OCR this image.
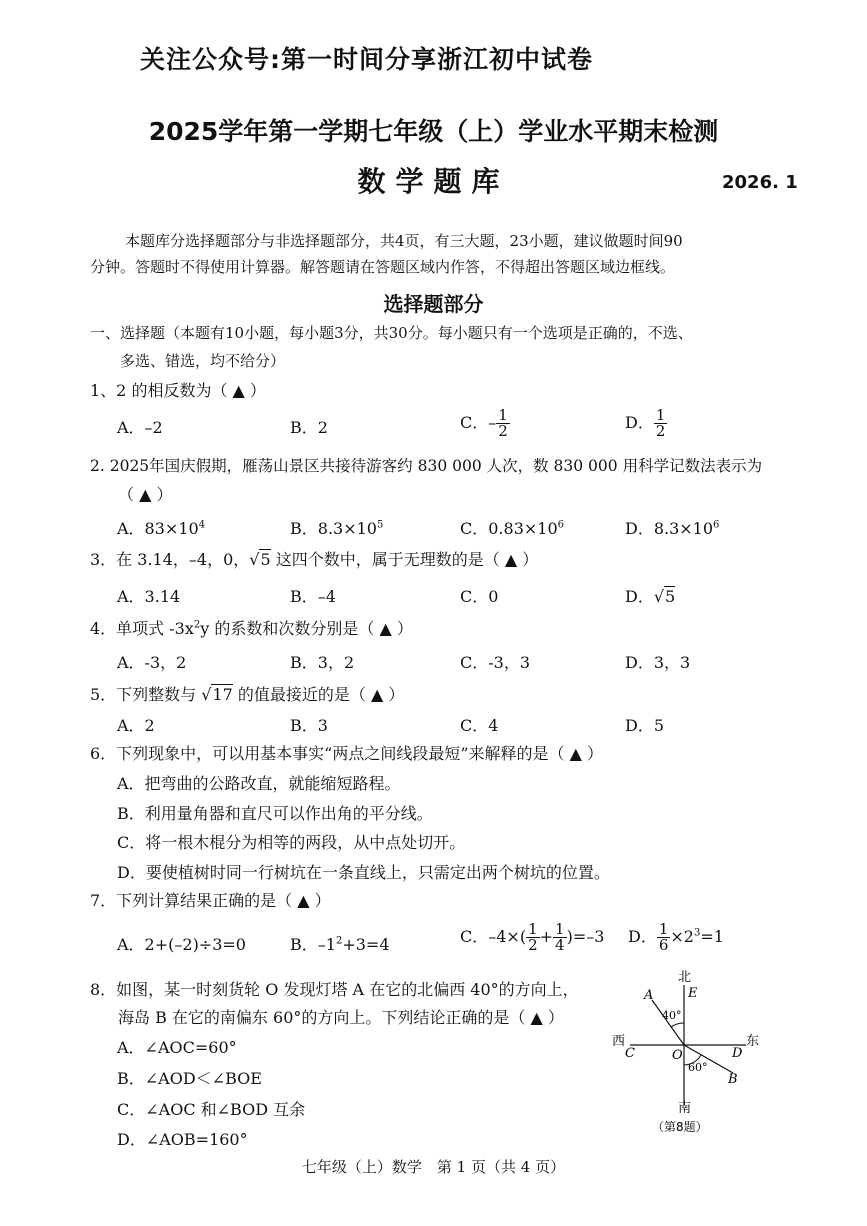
关注公众号:第一时间分享浙江初中试卷
2025学年第一学期七年级（上）学业水平期末检测
数学题库	2026. 1
本题库分选择题部分与非选择题部分，共4页，有三大题，23小题，建议做题时间90
分钟。答题时不得使用计算器。解答题请在答题区域内作答，不得超出答题区域边框线。
选择题部分
一、选择题（本题有10小题，每小题3分，共30分。每小题只有一个选项是正确的，不选、
多选、错选，均不给分）
1、2 的相反数为（ ▲ ）
A．–2	B．2	C．– $\frac{1}{2}$	D． $\frac{1}{2}$
2. 2025年国庆假期，雁荡山景区共接待游客约 830 000 人次，数 830 000 用科学记数法表示为
（ ▲ ）
A．$83\times 10^4$	B．$8.3\times 10^5$	C．$0.83\times 10^6$	D．$8.3\times 10^6$
3．在 3.14，–4，0，√5 这四个数中，属于无理数的是（ ▲ ）
A．3.14	B．–4	C．0	D．√5
4．单项式 $-3x^2y$ 的系数和次数分别是（ ▲ ）
A．-3，2	B．3，2	C．-3，3	D．3，3
5．下列整数与 √17 的值最接近的是（ ▲ ）
A．2	B．3	C．4	D．5
6．下列现象中，可以用基本事实“两点之间线段最短”来解释的是（ ▲ ）
A．把弯曲的公路改直，就能缩短路程。
B．利用量角器和直尺可以作出角的平分线。
C．将一根木棍分为相等的两段，从中点处切开。
D．要使植树时同一行树坑在一条直线上，只需定出两个树坑的位置。
7．下列计算结果正确的是（ ▲ ）
A．2+(–2)÷3=0	B．$-1^2+3=4$	C．$-4\times( \frac{1}{2} + \frac{1}{4} )=-3$ D． $\frac{1}{6} \times 2^3=1$
8．如图，某一时刻货轮 O 发现灯塔 A 在它的北偏西 40°的方向上，
海岛 B 在它的南偏东 60°的方向上。下列结论正确的是（ ▲ ）
A．∠AOC=60°
B．∠AOD＜∠BOE
C．∠AOC 和∠BOD 互余
D．∠AOB=160°
北
南
西	东
A
B
C	D
E
O
40°
60°
（第8题）
七年级（上）数学　第 1 页（共 4 页）
